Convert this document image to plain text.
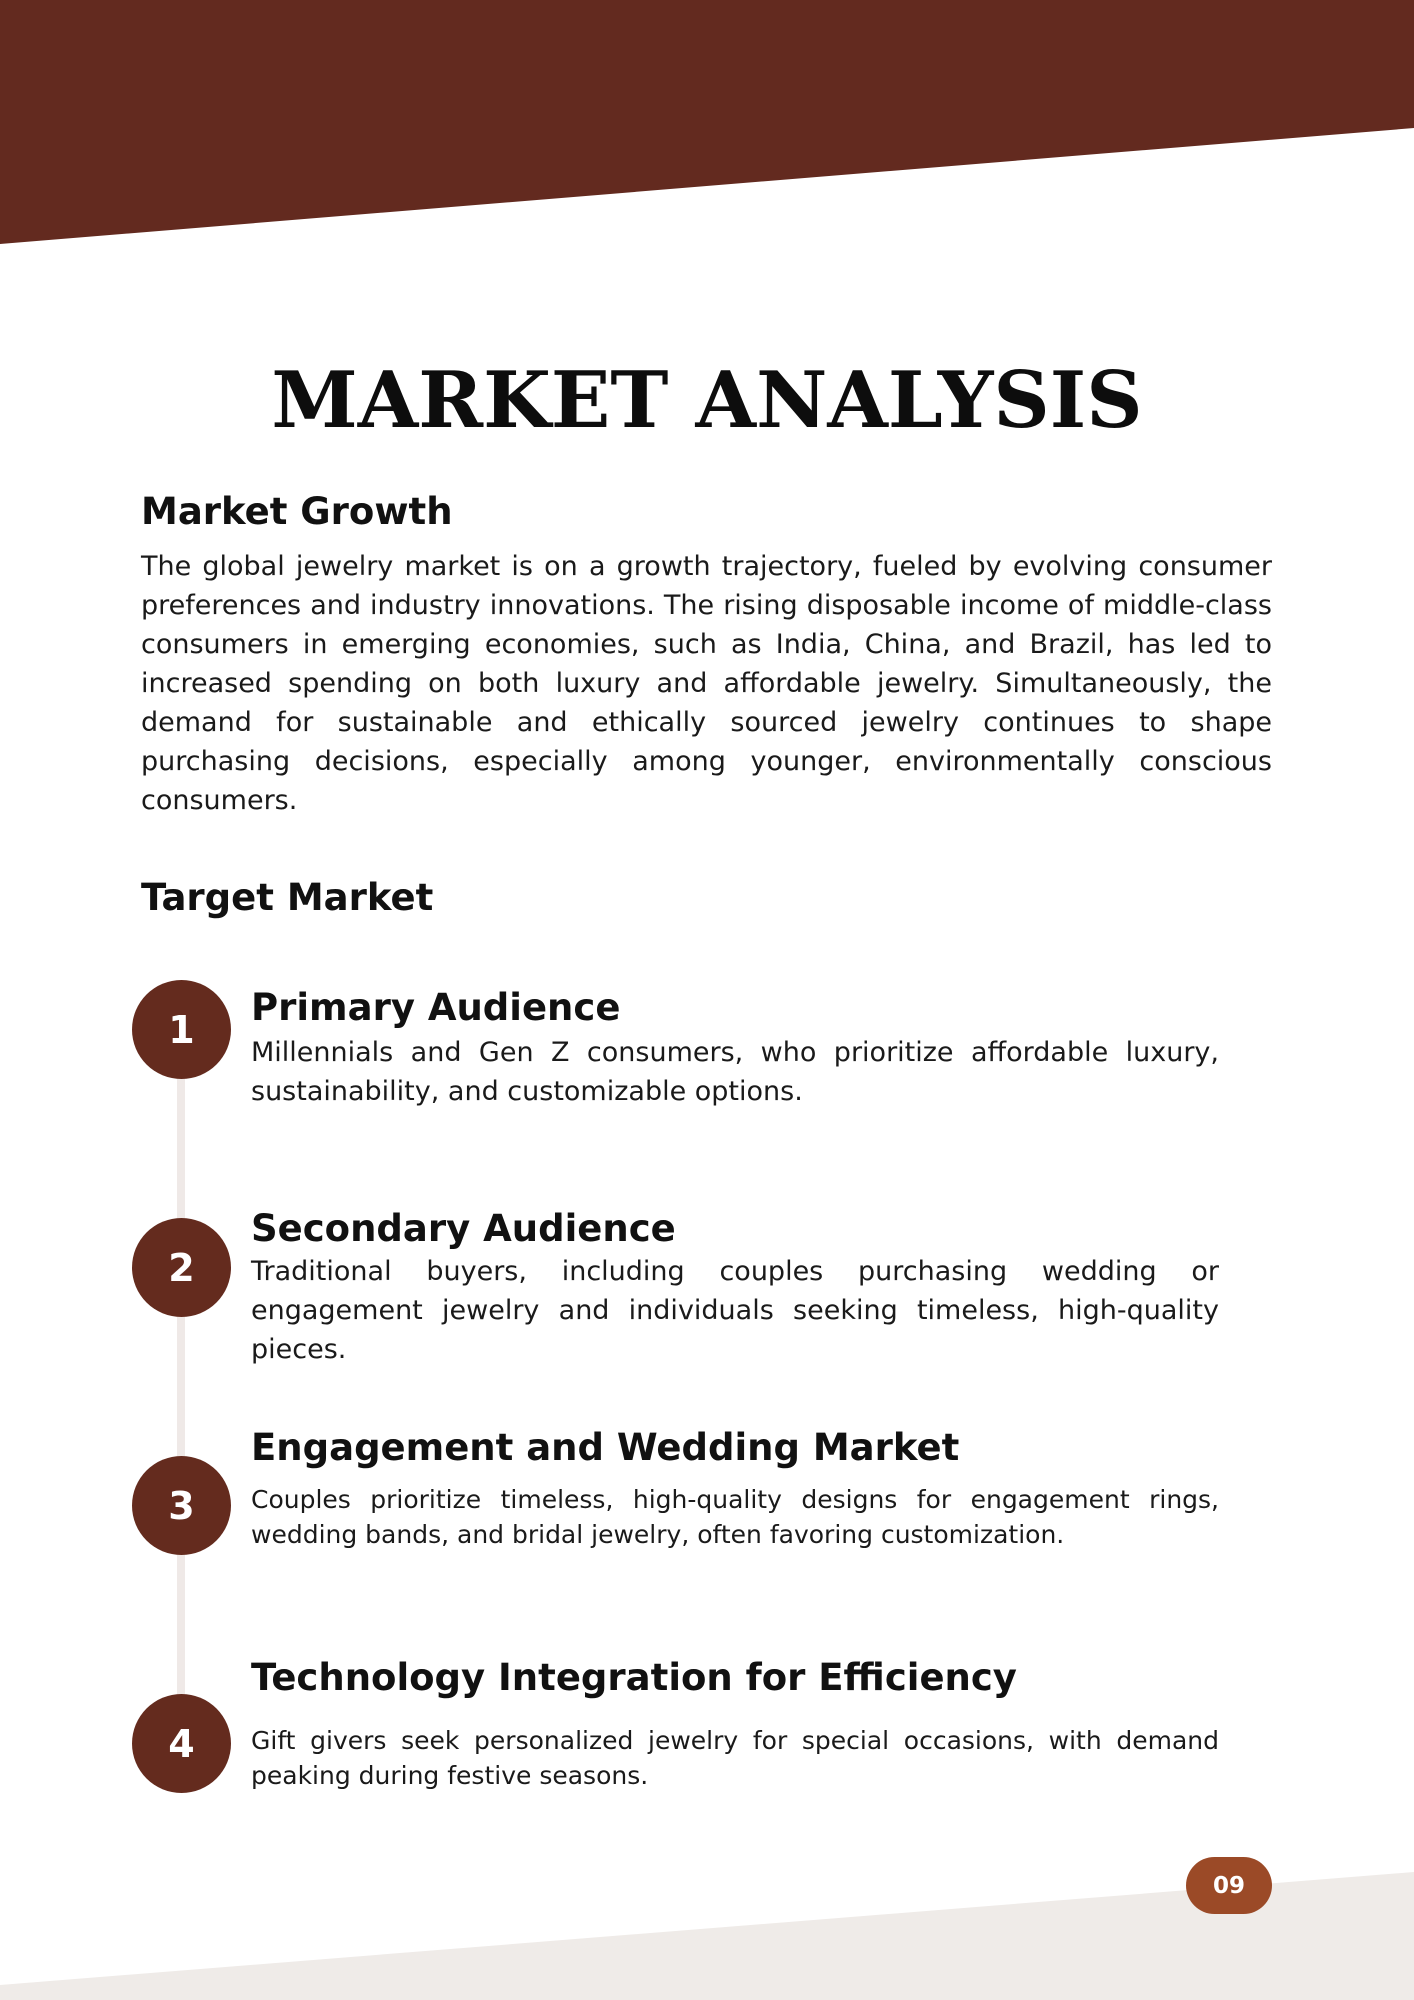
MARKET ANALYSIS
Market Growth

The global jewelry market is on a growth trajectory, fueled by evolving consumer preferences and industry innovations. The rising disposable income of middle-class consumers in emerging economies, such as India, China, and Brazil, has led to increased spending on both luxury and affordable jewelry. Simultaneously, the demand for sustainable and ethically sourced jewelry continues to shape purchasing decisions, especially among younger, environmentally conscious consumers.

Target Market
1	Primary Audience
Millennials and Gen Z consumers, who prioritize affordable luxury, sustainability, and customizable options.
2
Secondary Audience
Traditional buyers, including couples purchasing wedding or engagement jewelry and individuals seeking timeless, high-quality pieces.
3
Engagement and Wedding Market
Couples prioritize timeless, high-quality designs for engagement rings, wedding bands, and bridal jewelry, often favoring customization.
4
Technology Integration for Efficiency
Gift givers seek personalized jewelry for special occasions, with demand peaking during festive seasons.
09
